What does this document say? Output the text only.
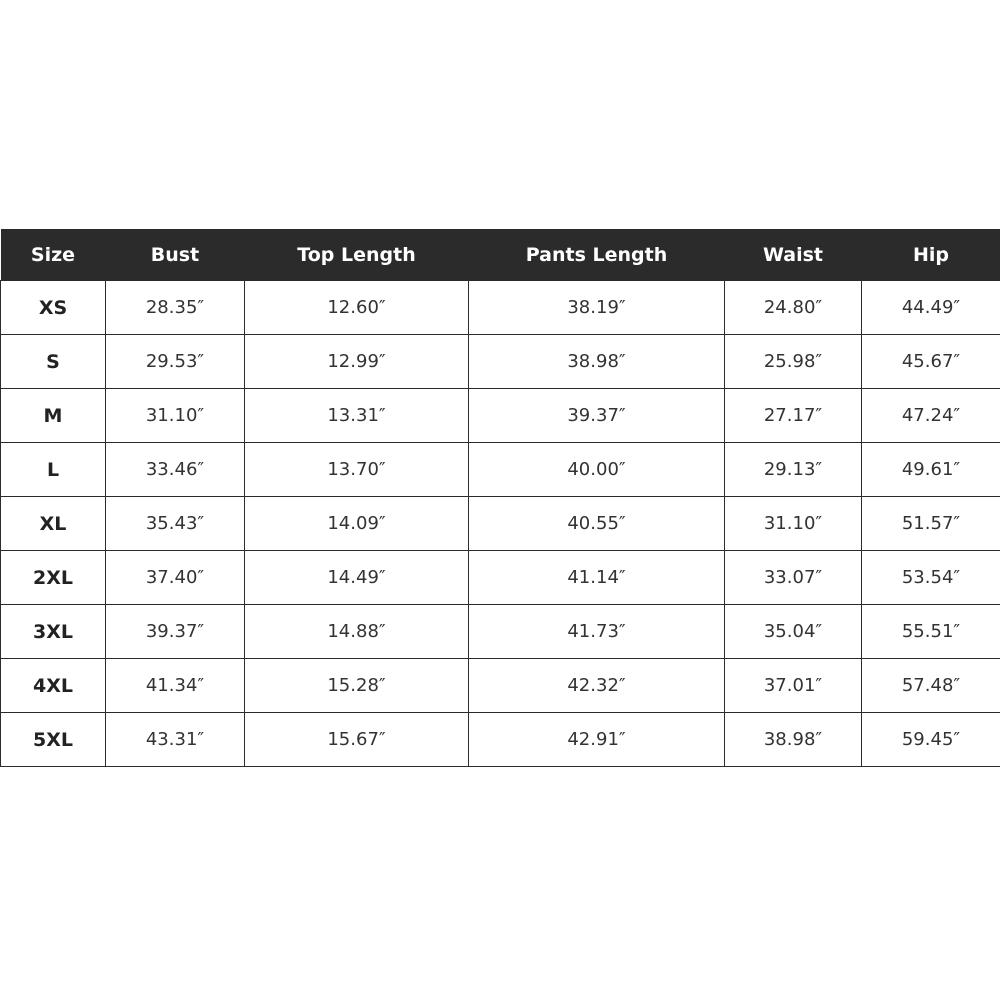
Size	Bust	Top Length	Pants Length	Waist	Hip
XS	28.35″	12.60″	38.19″	24.80″	44.49″
S	29.53″	12.99″	38.98″	25.98″	45.67″
M	31.10″	13.31″	39.37″	27.17″	47.24″
L	33.46″	13.70″	40.00″	29.13″	49.61″
XL	35.43″	14.09″	40.55″	31.10″	51.57″
2XL	37.40″	14.49″	41.14″	33.07″	53.54″
3XL	39.37″	14.88″	41.73″	35.04″	55.51″
4XL	41.34″	15.28″	42.32″	37.01″	57.48″
5XL	43.31″	15.67″	42.91″	38.98″	59.45″
